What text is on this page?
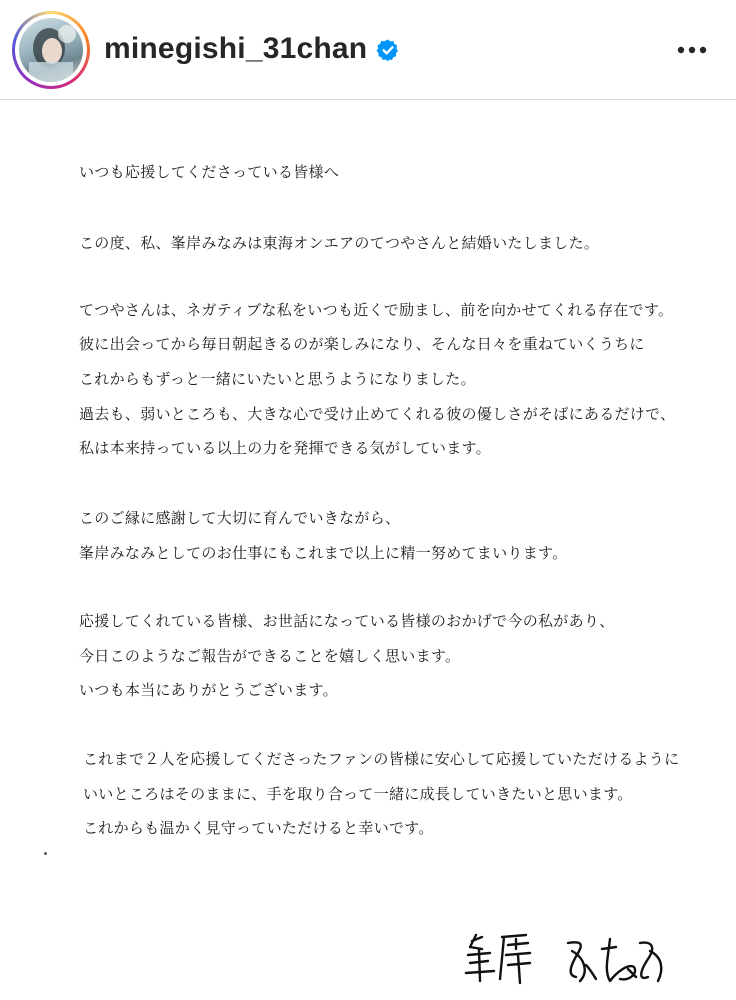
minegishi_31chan
いつも応援してくださっている皆様へ
この度、私、峯岸みなみは東海オンエアのてつやさんと結婚いたしました。
てつやさんは、ネガティブな私をいつも近くで励まし、前を向かせてくれる存在です。
彼に出会ってから毎日朝起きるのが楽しみになり、そんな日々を重ねていくうちに
これからもずっと一緒にいたいと思うようになりました。
過去も、弱いところも、大きな心で受け止めてくれる彼の優しさがそばにあるだけで、
私は本来持っている以上の力を発揮できる気がしています。
このご縁に感謝して大切に育んでいきながら、
峯岸みなみとしてのお仕事にもこれまで以上に精一努めてまいります。
応援してくれている皆様、お世話になっている皆様のおかげで今の私があり、
今日このようなご報告ができることを嬉しく思います。
いつも本当にありがとうございます。
これまで２人を応援してくださったファンの皆様に安心して応援していただけるように
いいところはそのままに、手を取り合って一緒に成長していきたいと思います。
これからも温かく見守っていただけると幸いです。
